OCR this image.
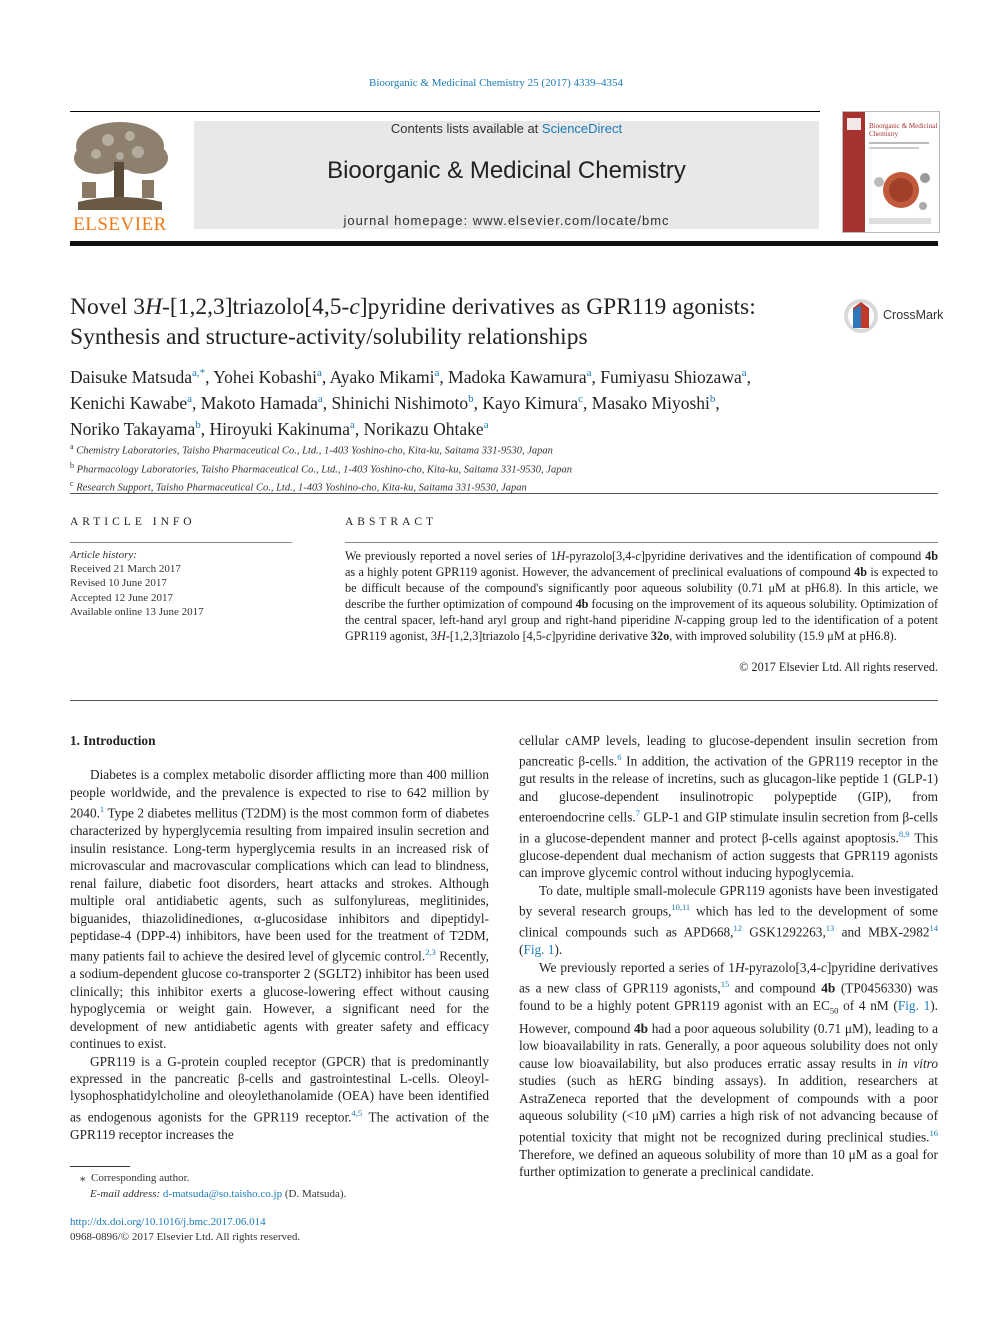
Bioorganic & Medicinal Chemistry 25 (2017) 4339–4354
ELSEVIER
Contents lists available at ScienceDirect
Bioorganic & Medicinal Chemistry
journal homepage: www.elsevier.com/locate/bmc
Bioorganic & Medicinal
Chemistry
Novel 3H-[1,2,3]triazolo[4,5-c]pyridine derivatives as GPR119 agonists:
Synthesis and structure-activity/solubility relationships
CrossMark
Daisuke Matsuda$^{a,*}$, Yohei Kobashi$^a$, Ayako Mikami$^a$, Madoka Kawamura$^a$, Fumiyasu Shiozawa$^a$,
Kenichi Kawabe$^a$, Makoto Hamada$^a$, Shinichi Nishimoto$^b$, Kayo Kimura$^c$, Masako Miyoshi$^b$,
Noriko Takayama$^b$, Hiroyuki Kakinuma$^a$, Norikazu Ohtake$^a$
$^a$ Chemistry Laboratories, Taisho Pharmaceutical Co., Ltd., 1-403 Yoshino-cho, Kita-ku, Saitama 331-9530, Japan
$^b$ Pharmacology Laboratories, Taisho Pharmaceutical Co., Ltd., 1-403 Yoshino-cho, Kita-ku, Saitama 331-9530, Japan
$^c$ Research Support, Taisho Pharmaceutical Co., Ltd., 1-403 Yoshino-cho, Kita-ku, Saitama 331-9530, Japan
ARTICLE INFO
Article history:
Received 21 March 2017
Revised 10 June 2017
Accepted 12 June 2017
Available online 13 June 2017
ABSTRACT
We previously reported a novel series of 1H-pyrazolo[3,4-c]pyridine derivatives and the identification of compound 4b as a highly potent GPR119 agonist. However, the advancement of preclinical evaluations of compound 4b is expected to be difficult because of the compound's significantly poor aqueous solubility (0.71 μM at pH6.8). In this article, we describe the further optimization of compound 4b focusing on the improvement of its aqueous solubility. Optimization of the central spacer, left-hand aryl group and right-hand piperidine N-capping group led to the identification of a potent GPR119 agonist, 3H-[1,2,3]triazolo [4,5-c]pyridine derivative 32o, with improved solubility (15.9 μM at pH6.8).
© 2017 Elsevier Ltd. All rights reserved.

1. Introduction

Diabetes is a complex metabolic disorder afflicting more than 400 million people worldwide, and the prevalence is expected to rise to 642 million by 2040.$^1$ Type 2 diabetes mellitus (T2DM) is the most common form of diabetes characterized by hyperglycemia resulting from impaired insulin secretion and insulin resistance. Long-term hyperglycemia results in an increased risk of microvascular and macrovascular complications which can lead to blindness, renal failure, diabetic foot disorders, heart attacks and strokes. Although multiple oral antidiabetic agents, such as sulfonylureas, meglitinides, biguanides, thiazolidinediones, α-glucosidase inhibitors and dipeptidyl-peptidase-4 (DPP-4) inhibitors, have been used for the treatment of T2DM, many patients fail to achieve the desired level of glycemic control.$^{2,3}$ Recently, a sodium-dependent glucose co-transporter 2 (SGLT2) inhibitor has been used clinically; this inhibitor exerts a glucose-lowering effect without causing hypoglycemia or weight gain. However, a significant need for the development of new antidiabetic agents with greater safety and efficacy continues to exist.

GPR119 is a G-protein coupled receptor (GPCR) that is predominantly expressed in the pancreatic β-cells and gastrointestinal L-cells. Oleoyl-lysophosphatidylcholine and oleoylethanolamide (OEA) have been identified as endogenous agonists for the GPR119 receptor.$^{4,5}$ The activation of the GPR119 receptor increases the

cellular cAMP levels, leading to glucose-dependent insulin secretion from pancreatic β-cells.$^6$ In addition, the activation of the GPR119 receptor in the gut results in the release of incretins, such as glucagon-like peptide 1 (GLP-1) and glucose-dependent insulinotropic polypeptide (GIP), from enteroendocrine cells.$^7$ GLP-1 and GIP stimulate insulin secretion from β-cells in a glucose-dependent manner and protect β-cells against apoptosis.$^{8,9}$ This glucose-dependent dual mechanism of action suggests that GPR119 agonists can improve glycemic control without inducing hypoglycemia.

To date, multiple small-molecule GPR119 agonists have been investigated by several research groups,$^{10,11}$ which has led to the development of some clinical compounds such as APD668,12 GSK1292263,13 and MBX-2982$^{14}$ (Fig. 1).

We previously reported a series of 1H-pyrazolo[3,4-c]pyridine derivatives as a new class of GPR119 agonists,$^{15}$ and compound 4b (TP0456330) was found to be a highly potent GPR119 agonist with an $EC_{50}$ of 4 nM (Fig. 1). However, compound 4b had a poor aqueous solubility (0.71 μM), leading to a low bioavailability in rats. Generally, a poor aqueous solubility does not only cause low bioavailability, but also produces erratic assay results in in vitro studies (such as hERG binding assays). In addition, researchers at AstraZeneca reported that the development of compounds with a poor aqueous solubility (<10 μM) carries a high risk of not advancing because of potential toxicity that might not be recognized during preclinical studies.$^{16}$ Therefore, we defined an aqueous solubility of more than 10 μM as a goal for further optimization to generate a preclinical candidate.

⁎  Corresponding author.
E-mail address: d-matsuda@so.taisho.co.jp (D. Matsuda).
http://dx.doi.org/10.1016/j.bmc.2017.06.014
0968-0896/© 2017 Elsevier Ltd. All rights reserved.
